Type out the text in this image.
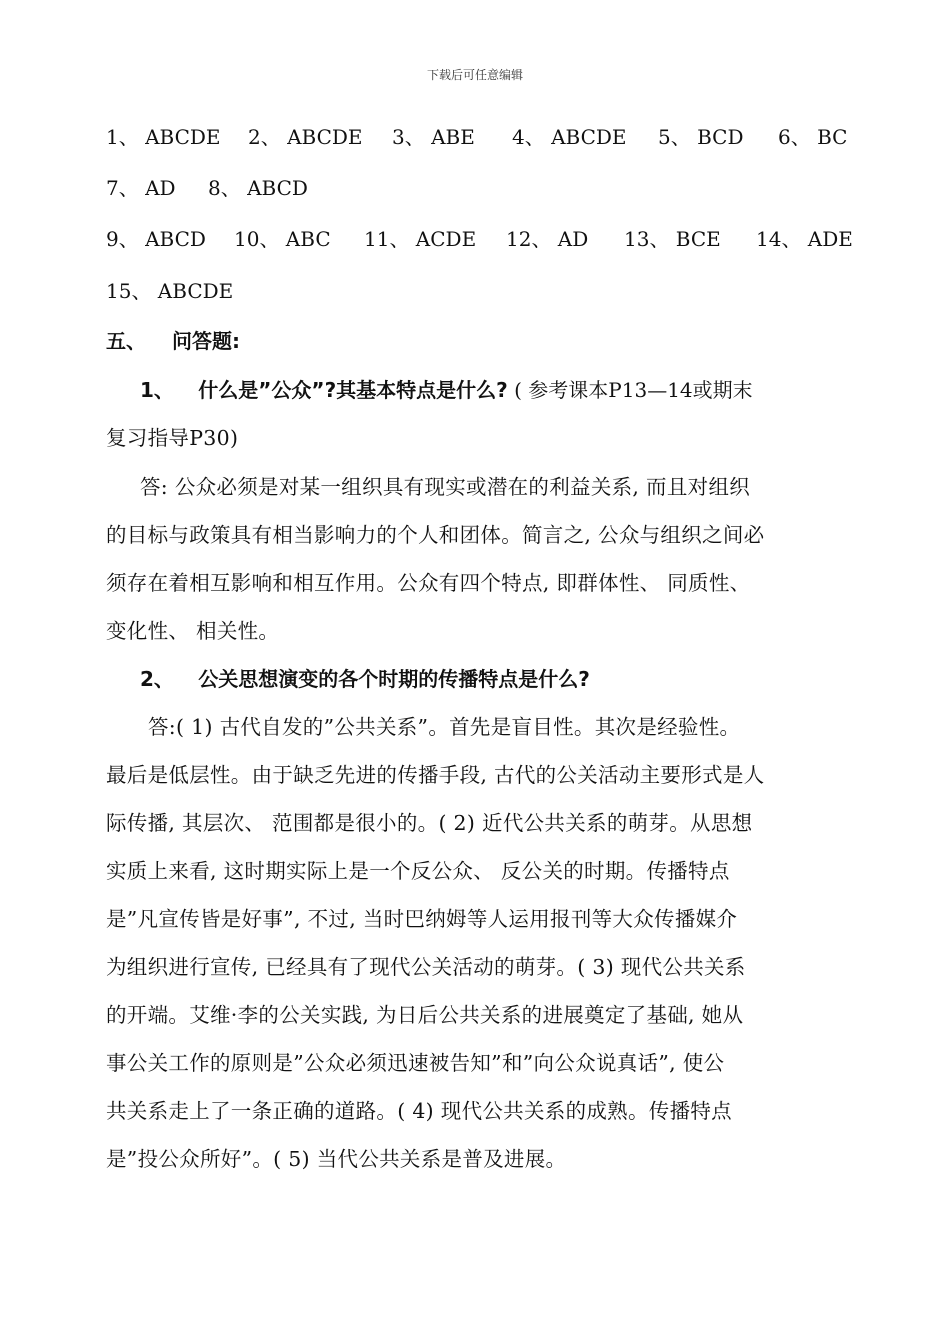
下载后可任意编辑
1、 ABCDE 2、 ABCDE 3、 ABE 4、 ABCDE 5、 BCD 6、 BC
7、 AD 8、 ABCD
9、 ABCD 10、 ABC 11、 ACDE 12、 AD 13、 BCE 14、 ADE
15、 ABCDE
五、 问答题:
1、 什么是”公众”?其基本特点是什么? ( 参考课本P13—14或期末
复习指导P30)
答: 公众必须是对某一组织具有现实或潜在的利益关系, 而且对组织
的目标与政策具有相当影响力的个人和团体。简言之, 公众与组织之间必
须存在着相互影响和相互作用。公众有四个特点, 即群体性、 同质性、
变化性、 相关性。
2、 公关思想演变的各个时期的传播特点是什么?
答:( 1) 古代自发的”公共关系”。首先是盲目性。其次是经验性。
最后是低层性。由于缺乏先进的传播手段, 古代的公关活动主要形式是人
际传播, 其层次、 范围都是很小的。( 2) 近代公共关系的萌芽。从思想
实质上来看, 这时期实际上是一个反公众、 反公关的时期。传播特点
是”凡宣传皆是好事”, 不过, 当时巴纳姆等人运用报刊等大众传播媒介
为组织进行宣传, 已经具有了现代公关活动的萌芽。( 3) 现代公共关系
的开端。艾维·李的公关实践, 为日后公共关系的进展奠定了基础, 她从
事公关工作的原则是”公众必须迅速被告知”和”向公众说真话”, 使公
共关系走上了一条正确的道路。( 4) 现代公共关系的成熟。传播特点
是”投公众所好”。( 5) 当代公共关系是普及进展。
